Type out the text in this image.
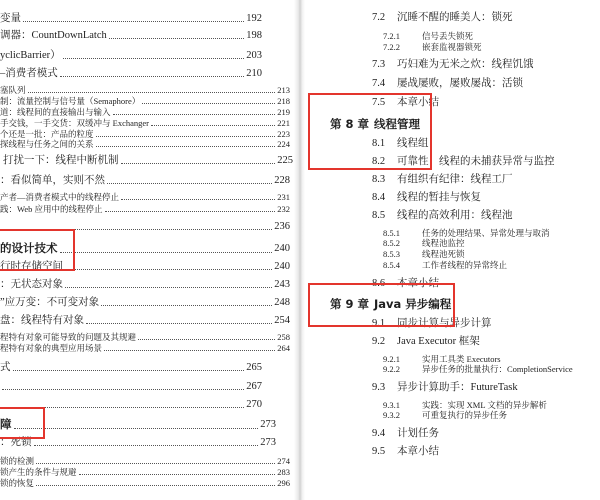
变量	192
调器：CountDownLatch	198
yclicBarrier）	203
–消费者模式	210
塞队列	213
制：流量控制与信号量（Semaphore）	218
道：线程间的直接输出与输入	219
手交钱，一手交货：双缓冲与 Exchanger	221
个还是一批：产品的粒度	223
探线程与任务之间的关系	224
打扰一下：线程中断机制	225
：看似简单，实则不然	228
产者—消费者模式中的线程停止	231
践：Web 应用中的线程停止	232
236
的设计技术	240
行时存储空间	240
：无状态对象	243
”应万变：不可变对象	248
盘：线程特有对象	254
程特有对象可能导致的问题及其规避	258
程特有对象的典型应用场景	264
式	265
267
270
障	273
：死锁	273
锁的检测	274
锁产生的条件与规避	283
锁的恢复	296
7.2 沉睡不醒的睡美人：锁死
7.2.1	信号丢失锁死
7.2.2	嵌套监视器锁死
7.3 巧妇难为无米之炊：线程饥饿
7.4 屡战屡败，屡败屡战：活锁
7.5 本章小结
第 8 章 线程管理
8.1 线程组
8.2 可靠性：线程的未捕获异常与监控
8.3 有组织有纪律：线程工厂
8.4 线程的暂挂与恢复
8.5 线程的高效利用：线程池
8.5.1	任务的处理结果、异常处理与取消
8.5.2	线程池监控
8.5.3	线程池死锁
8.5.4	工作者线程的异常终止
8.6 本章小结
第 9 章 Java 异步编程
9.1 同步计算与异步计算
9.2 Java Executor 框架
9.2.1	实用工具类 Executors
9.2.2	异步任务的批量执行：CompletionService
9.3 异步计算助手：FutureTask
9.3.1	实践：实现 XML 文档的异步解析
9.3.2	可重复执行的异步任务
9.4 计划任务
9.5 本章小结
